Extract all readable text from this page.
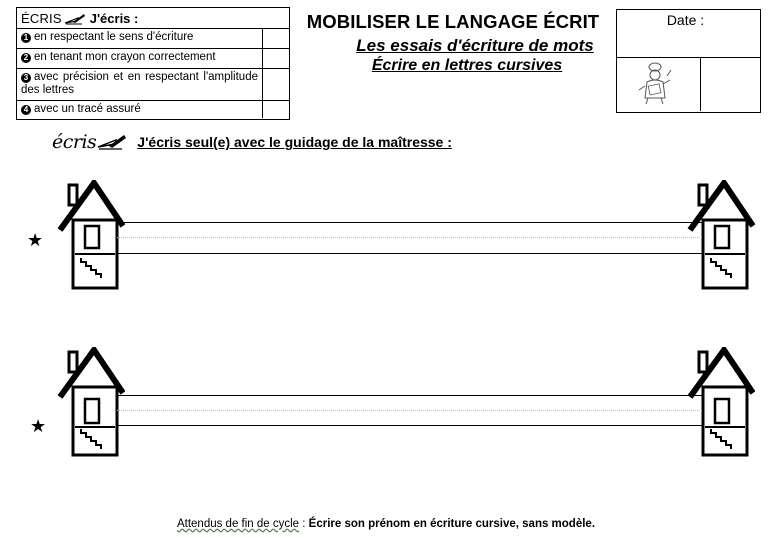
ÉCRIS J'écris :
1 en respectant le sens d'écriture
2 en tenant mon crayon correctement
3 avec précision et en respectant l'amplitude des lettres
4 avec un tracé assuré
MOBILISER LE LANGAGE ÉCRIT
Les essais d'écriture de mots
Écrire en lettres cursives
Date :
écris	J'écris seul(e) avec le guidage de la maîtresse :
★
★
Attendus de fin de cycle : Écrire son prénom en écriture cursive, sans modèle.
